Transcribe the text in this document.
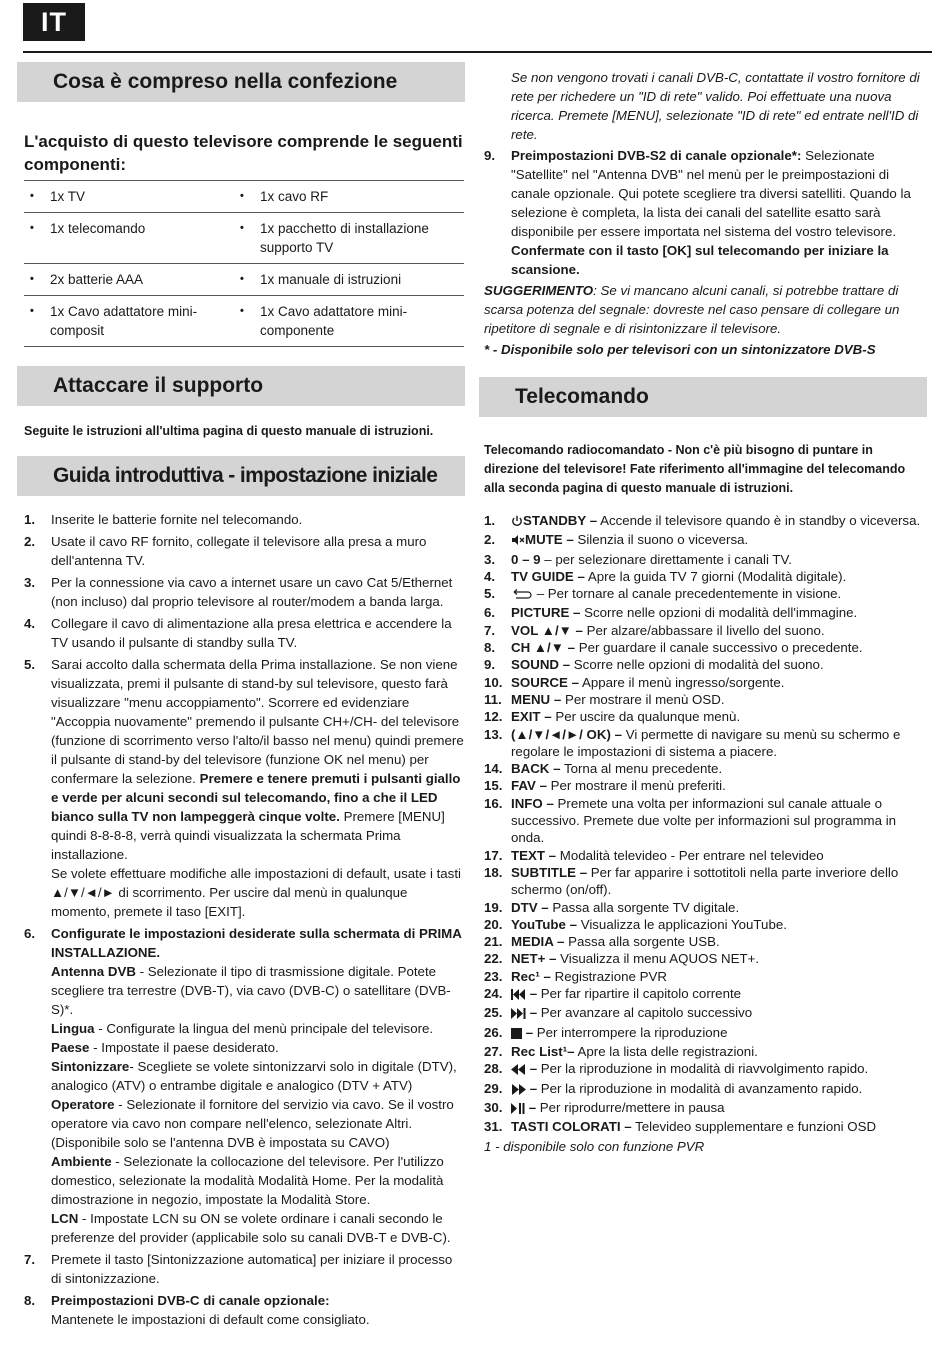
IT
Cosa è compreso nella confezione
L'acquisto di questo televisore comprende le seguenti componenti:
•	1x TV	•	1x cavo RF
•	1x telecomando	•	1x pacchetto di installazione supporto TV
•	2x batterie AAA	•	1x manuale di istruzioni
•	1x Cavo adattatore mini-composit	•	1x Cavo adattatore mini-componente
Attaccare il supporto
Seguite le istruzioni all'ultima pagina di questo manuale di istruzioni.
Guida introduttiva - impostazione iniziale
1. Inserite le batterie fornite nel telecomando.
2. Usate il cavo RF fornito, collegate il televisore alla presa a muro dell'antenna TV.
3. Per la connessione via cavo a internet usare un cavo Cat 5/Ethernet (non incluso) dal proprio televisore al router/modem a banda larga.
4. Collegare il cavo di alimentazione alla presa elettrica e accendere la TV usando il pulsante di standby sulla TV.
5. Sarai accolto dalla schermata della Prima installazione. Se non viene visualizzata, premi il pulsante di stand-by sul televisore, questo farà visualizzare "menu accoppiamento". Scorrere ed evidenziare "Accoppia nuovamente" premendo il pulsante CH+/CH- del televisore (funzione di scorrimento verso l'alto/il basso nel menu) quindi premere il pulsante di stand-by del televisore (funzione OK nel menu) per confermare la selezione. Premere e tenere premuti i pulsanti giallo e verde per alcuni secondi sul telecomando, fino a che il LED bianco sulla TV non lampeggerà cinque volte. Premere [MENU] quindi 8-8-8-8, verrà quindi visualizzata la schermata Prima installazione.
Se volete effettuare modifiche alle impostazioni di default, usate i tasti ▲/▼/◄/► di scorrimento. Per uscire dal menù in qualunque momento, premete il taso [EXIT].
6. Configurate le impostazioni desiderate sulla schermata di PRIMA INSTALLAZIONE.
Antenna DVB - Selezionate il tipo di trasmissione digitale. Potete scegliere tra terrestre (DVB-T), via cavo (DVB-C) o satellitare (DVB-S)*.
Lingua - Configurate la lingua del menù principale del televisore.
Paese - Impostate il paese desiderato.
Sintonizzare- Scegliete se volete sintonizzarvi solo in digitale (DTV), analogico (ATV) o entrambe digitale e analogico (DTV + ATV)
Operatore - Selezionate il fornitore del servizio via cavo. Se il vostro operatore via cavo non compare nell'elenco, selezionate Altri. (Disponibile solo se l'antenna DVB è impostata su CAVO)
Ambiente - Selezionate la collocazione del televisore. Per l'utilizzo domestico, selezionate la modalità Modalità Home. Per la modalità dimostrazione in negozio, impostate la Modalità Store.
LCN - Impostate LCN su ON se volete ordinare i canali secondo le preferenze del provider (applicabile solo su canali DVB-T e DVB-C).
7. Premete il tasto [Sintonizzazione automatica] per iniziare il processo di sintonizzazione.
8. Preimpostazioni DVB-C di canale opzionale:
Mantenete le impostazioni di default come consigliato.
Se non vengono trovati i canali DVB-C, contattate il vostro fornitore di rete per richedere un "ID di rete" valido. Poi effettuate una nuova ricerca. Premete [MENU], selezionate "ID di rete" ed entrate nell'ID di rete.
9. Preimpostazioni DVB-S2 di canale opzionale*: Selezionate "Satellite" nel "Antenna DVB" nel menù per le preimpostazioni di canale opzionale. Qui potete scegliere tra diversi satelliti. Quando la selezione è completa, la lista dei canali del satellite esatto sarà disponibile per essere importata nel sistema del vostro televisore. Confermate con il tasto [OK] sul telecomando per iniziare la scansione.
SUGGERIMENTO: Se vi mancano alcuni canali, si potrebbe trattare di scarsa potenza del segnale: dovreste nel caso pensare di collegare un ripetitore di segnale e di risintonizzare il televisore.
* - Disponibile solo per televisori con un sintonizzatore DVB-S
Telecomando
Telecomando radiocomandato - Non c'è più bisogno di puntare in direzione del televisore! Fate riferimento all'immagine del telecomando alla seconda pagina di questo manuale di istruzioni.
1. STANDBY – Accende il televisore quando è in standby o viceversa.
2. MUTE – Silenzia il suono o viceversa.
3. 0 – 9 – per selezionare direttamente i canali TV.
4. TV GUIDE – Apre la guida TV 7 giorni (Modalità digitale).
5.	– Per tornare al canale precedentemente in visione.
6. PICTURE – Scorre nelle opzioni di modalità dell'immagine.
7. VOL ▲/▼ – Per alzare/abbassare il livello del suono.
8. CH ▲/▼ – Per guardare il canale successivo o precedente.
9. SOUND – Scorre nelle opzioni di modalità del suono.
10. SOURCE – Appare il menù ingresso/sorgente.
11. MENU – Per mostrare il menù OSD.
12. EXIT – Per uscire da qualunque menù.
13. (▲/▼/◄/►/ OK) – Vi permette di navigare su menù su schermo e regolare le impostazioni di sistema a piacere.
14. BACK – Torna al menu precedente.
15. FAV – Per mostrare il menù preferiti.
16. INFO – Premete una volta per informazioni sul canale attuale o successivo. Premete due volte per informazioni sul programma in onda.
17. TEXT – Modalità televideo - Per entrare nel televideo
18. SUBTITLE – Per far apparire i sottotitoli nella parte inveriore dello schermo (on/off).
19. DTV – Passa alla sorgente TV digitale.
20. YouTube – Visualizza le applicazioni YouTube.
21. MEDIA – Passa alla sorgente USB.
22. NET+ – Visualizza il menu AQUOS NET+.
23. Rec¹ – Registrazione PVR
24. – Per far ripartire il capitolo corrente
25. – Per avanzare al capitolo successivo
26. – Per interrompere la riproduzione
27. Rec List¹– Apre la lista delle registrazioni.
28. – Per la riproduzione in modalità di riavvolgimento rapido.
29. – Per la riproduzione in modalità di avanzamento rapido.
30. – Per riprodurre/mettere in pausa
31. TASTI COLORATI – Televideo supplementare e funzioni OSD
1 - disponibile solo con funzione PVR
